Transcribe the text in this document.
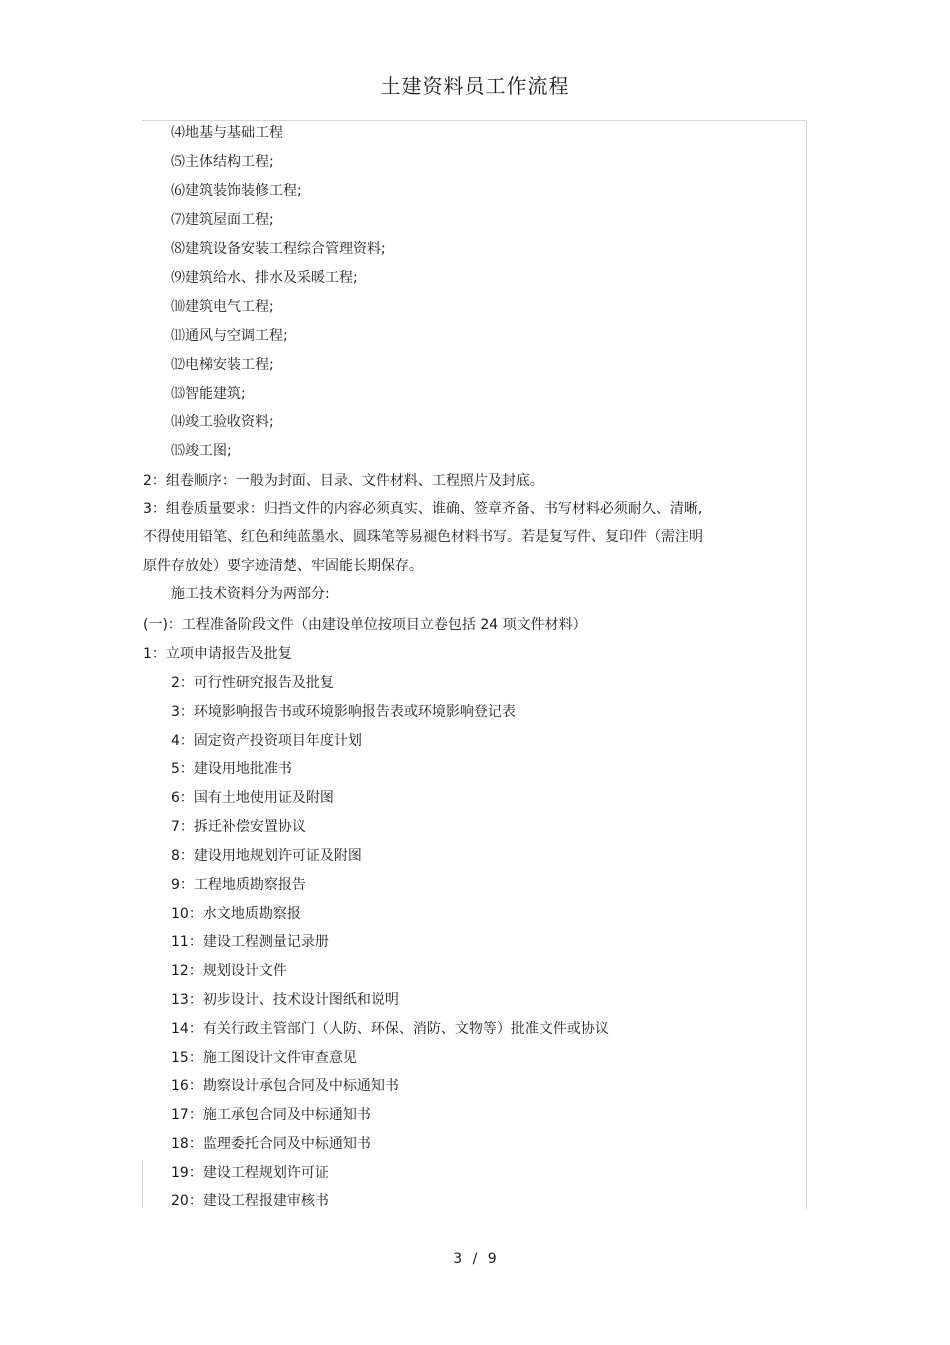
土建资料员工作流程
⑷地基与基础工程
⑸主体结构工程;
⑹建筑装饰装修工程;
⑺建筑屋面工程;
⑻建筑设备安装工程综合管理资料;
⑼建筑给水、排水及采暖工程;
⑽建筑电气工程;
⑾通风与空调工程;
⑿电梯安装工程;
⒀智能建筑;
⒁竣工验收资料;
⒂竣工图;
2：组卷顺序：一般为封面、目录、文件材料、工程照片及封底。
3：组卷质量要求：归挡文件的内容必须真实、谁确、签章齐备、书写材料必须耐久、清晰,
不得使用铅笔、红色和纯蓝墨水、圆珠笔等易褪色材料书写。若是复写件、复印件（需注明
原件存放处）要字迹清楚、牢固能长期保存。
施工技术资料分为两部分:
(一)：工程准备阶段文件（由建设单位按项目立卷包括 24 项文件材料）
1：立项申请报告及批复
2：可行性研究报告及批复
3：环境影响报告书或环境影响报告表或环境影响登记表
4：固定资产投资项目年度计划
5：建设用地批准书
6：国有土地使用证及附图
7：拆迁补偿安置协议
8：建设用地规划许可证及附图
9：工程地质勘察报告
10：水文地质勘察报
11：建设工程测量记录册
12：规划设计文件
13：初步设计、技术设计图纸和说明
14：有关行政主管部门（人防、环保、消防、文物等）批准文件或协议
15：施工图设计文件审查意见
16：勘察设计承包合同及中标通知书
17：施工承包合同及中标通知书
18：监理委托合同及中标通知书
19：建设工程规划许可证
20：建设工程报建审核书
3 / 9
